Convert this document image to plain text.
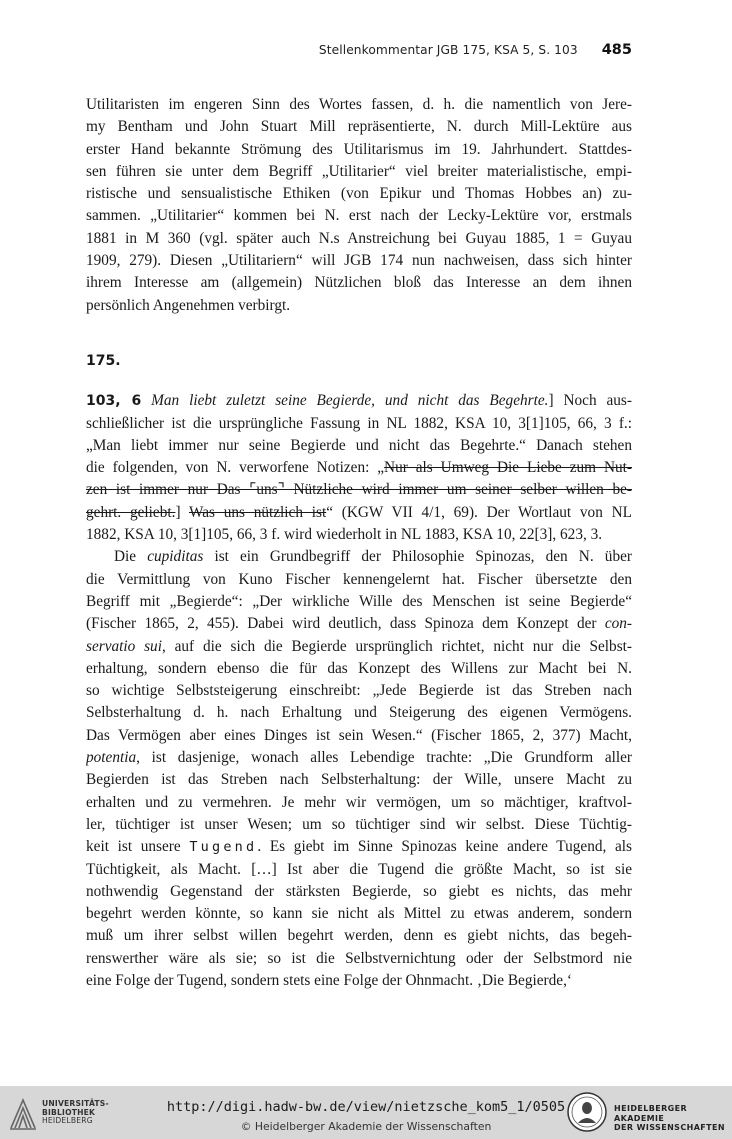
Stellenkommentar JGB 175, KSA 5, S. 103 485
Utilitaristen im engeren Sinn des Wortes fassen, d. h. die namentlich von Jere-
my Bentham und John Stuart Mill repräsentierte, N. durch Mill-Lektüre aus
erster Hand bekannte Strömung des Utilitarismus im 19. Jahrhundert. Stattdes-
sen führen sie unter dem Begriff „Utilitarier“ viel breiter materialistische, empi-
ristische und sensualistische Ethiken (von Epikur und Thomas Hobbes an) zu-
sammen. „Utilitarier“ kommen bei N. erst nach der Lecky-Lektüre vor, erstmals
1881 in M 360 (vgl. später auch N.s Anstreichung bei Guyau 1885, 1 = Guyau
1909, 279). Diesen „Utilitariern“ will JGB 174 nun nachweisen, dass sich hinter
ihrem Interesse am (allgemein) Nützlichen bloß das Interesse an dem ihnen
persönlich Angenehmen verbirgt.
175.
103, 6 Man liebt zuletzt seine Begierde, und nicht das Begehrte.] Noch aus-
schließlicher ist die ursprüngliche Fassung in NL 1882, KSA 10, 3[1]105, 66, 3 f.:
„Man liebt immer nur seine Begierde und nicht das Begehrte.“ Danach stehen
die folgenden, von N. verworfene Notizen: „Nur als Umweg Die Liebe zum Nut-
zen ist immer nur Das ⌜uns⌝ Nützliche wird immer um seiner selber willen be-
gehrt. geliebt.] Was uns nützlich ist“ (KGW VII 4/1, 69). Der Wortlaut von NL
1882, KSA 10, 3[1]105, 66, 3 f. wird wiederholt in NL 1883, KSA 10, 22[3], 623, 3.
Die cupiditas ist ein Grundbegriff der Philosophie Spinozas, den N. über
die Vermittlung von Kuno Fischer kennengelernt hat. Fischer übersetzte den
Begriff mit „Begierde“: „Der wirkliche Wille des Menschen ist seine Begierde“
(Fischer 1865, 2, 455). Dabei wird deutlich, dass Spinoza dem Konzept der con-
servatio sui, auf die sich die Begierde ursprünglich richtet, nicht nur die Selbst-
erhaltung, sondern ebenso die für das Konzept des Willens zur Macht bei N.
so wichtige Selbststeigerung einschreibt: „Jede Begierde ist das Streben nach
Selbsterhaltung d. h. nach Erhaltung und Steigerung des eigenen Vermögens.
Das Vermögen aber eines Dinges ist sein Wesen.“ (Fischer 1865, 2, 377) Macht,
potentia, ist dasjenige, wonach alles Lebendige trachte: „Die Grundform aller
Begierden ist das Streben nach Selbsterhaltung: der Wille, unsere Macht zu
erhalten und zu vermehren. Je mehr wir vermögen, um so mächtiger, kraftvol-
ler, tüchtiger ist unser Wesen; um so tüchtiger sind wir selbst. Diese Tüchtig-
keit ist unsere Tugend. Es giebt im Sinne Spinozas keine andere Tugend, als
Tüchtigkeit, als Macht. […] Ist aber die Tugend die größte Macht, so ist sie
nothwendig Gegenstand der stärksten Begierde, so giebt es nichts, das mehr
begehrt werden könnte, so kann sie nicht als Mittel zu etwas anderem, sondern
muß um ihrer selbst willen begehrt werden, denn es giebt nichts, das begeh-
renswerther wäre als sie; so ist die Selbstvernichtung oder der Selbstmord nie
eine Folge der Tugend, sondern stets eine Folge der Ohnmacht. ‚Die Begierde,‘
UNIVERSITÄTS-
BIBLIOTHEK
HEIDELBERG
http://digi.hadw-bw.de/view/nietzsche_kom5_1/0505
© Heidelberger Akademie der Wissenschaften
HEIDELBERGER AKADEMIE
DER WISSENSCHAFTEN
